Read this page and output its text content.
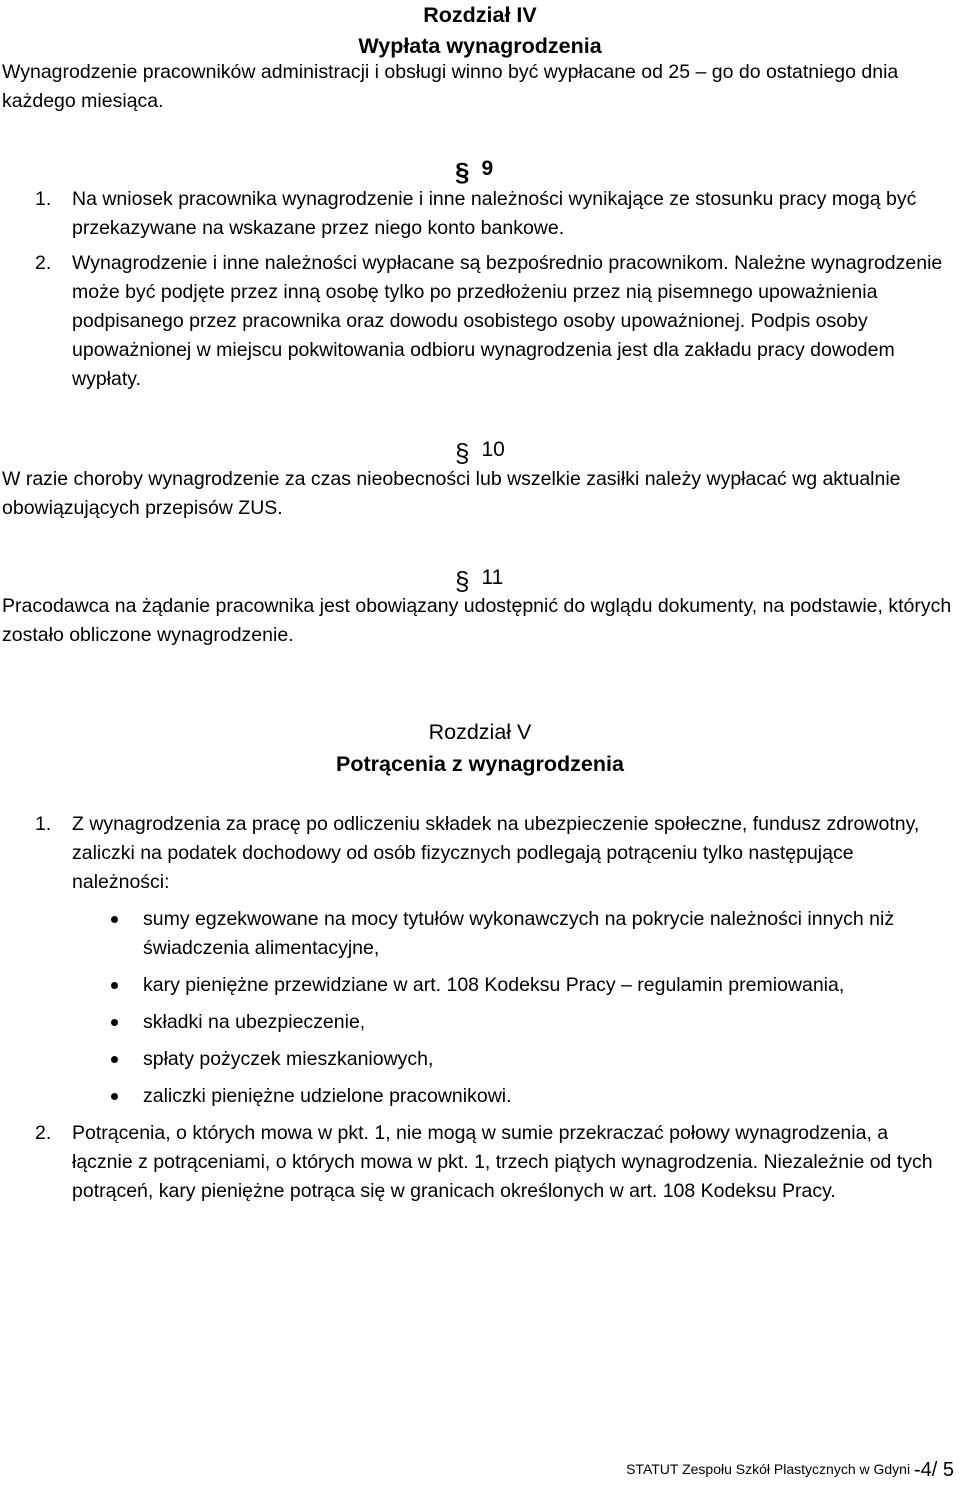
Rozdział IV
Wypłata wynagrodzenia
Wynagrodzenie pracowników administracji i obsługi winno być wypłacane od 25 – go do ostatniego dnia każdego miesiąca.
§ 9
1. Na wniosek pracownika wynagrodzenie i inne należności wynikające ze stosunku pracy mogą być przekazywane na wskazane przez niego konto bankowe.
2. Wynagrodzenie i inne należności wypłacane są bezpośrednio pracownikom. Należne wynagrodzenie może być podjęte przez inną osobę tylko po przedłożeniu przez nią pisemnego upoważnienia podpisanego przez pracownika oraz dowodu osobistego osoby upoważnionej. Podpis osoby upoważnionej w miejscu pokwitowania odbioru wynagrodzenia jest dla zakładu pracy dowodem wypłaty.
§ 10
W razie choroby wynagrodzenie za czas nieobecności lub wszelkie zasiłki należy wypłacać wg aktualnie obowiązujących przepisów ZUS.
§ 11
Pracodawca na żądanie pracownika jest obowiązany udostępnić do wglądu dokumenty, na podstawie, których zostało obliczone wynagrodzenie.
Rozdział V
Potrącenia z wynagrodzenia
1. Z wynagrodzenia za pracę po odliczeniu składek na ubezpieczenie społeczne, fundusz zdrowotny, zaliczki na podatek dochodowy od osób fizycznych podlegają potrąceniu tylko następujące należności:
sumy egzekwowane na mocy tytułów wykonawczych na pokrycie należności innych niż świadczenia alimentacyjne,
kary pieniężne przewidziane w art. 108 Kodeksu Pracy – regulamin premiowania,
składki na ubezpieczenie,
spłaty pożyczek mieszkaniowych,
zaliczki pieniężne udzielone pracownikowi.
2. Potrącenia, o których mowa w pkt. 1, nie mogą w sumie przekraczać połowy wynagrodzenia, a łącznie z potrąceniami, o których mowa w pkt. 1, trzech piątych wynagrodzenia. Niezależnie od tych potrąceń, kary pieniężne potrąca się w granicach określonych w art. 108 Kodeksu Pracy.
STATUT Zespołu Szkół Plastycznych w Gdyni -4/ 5
